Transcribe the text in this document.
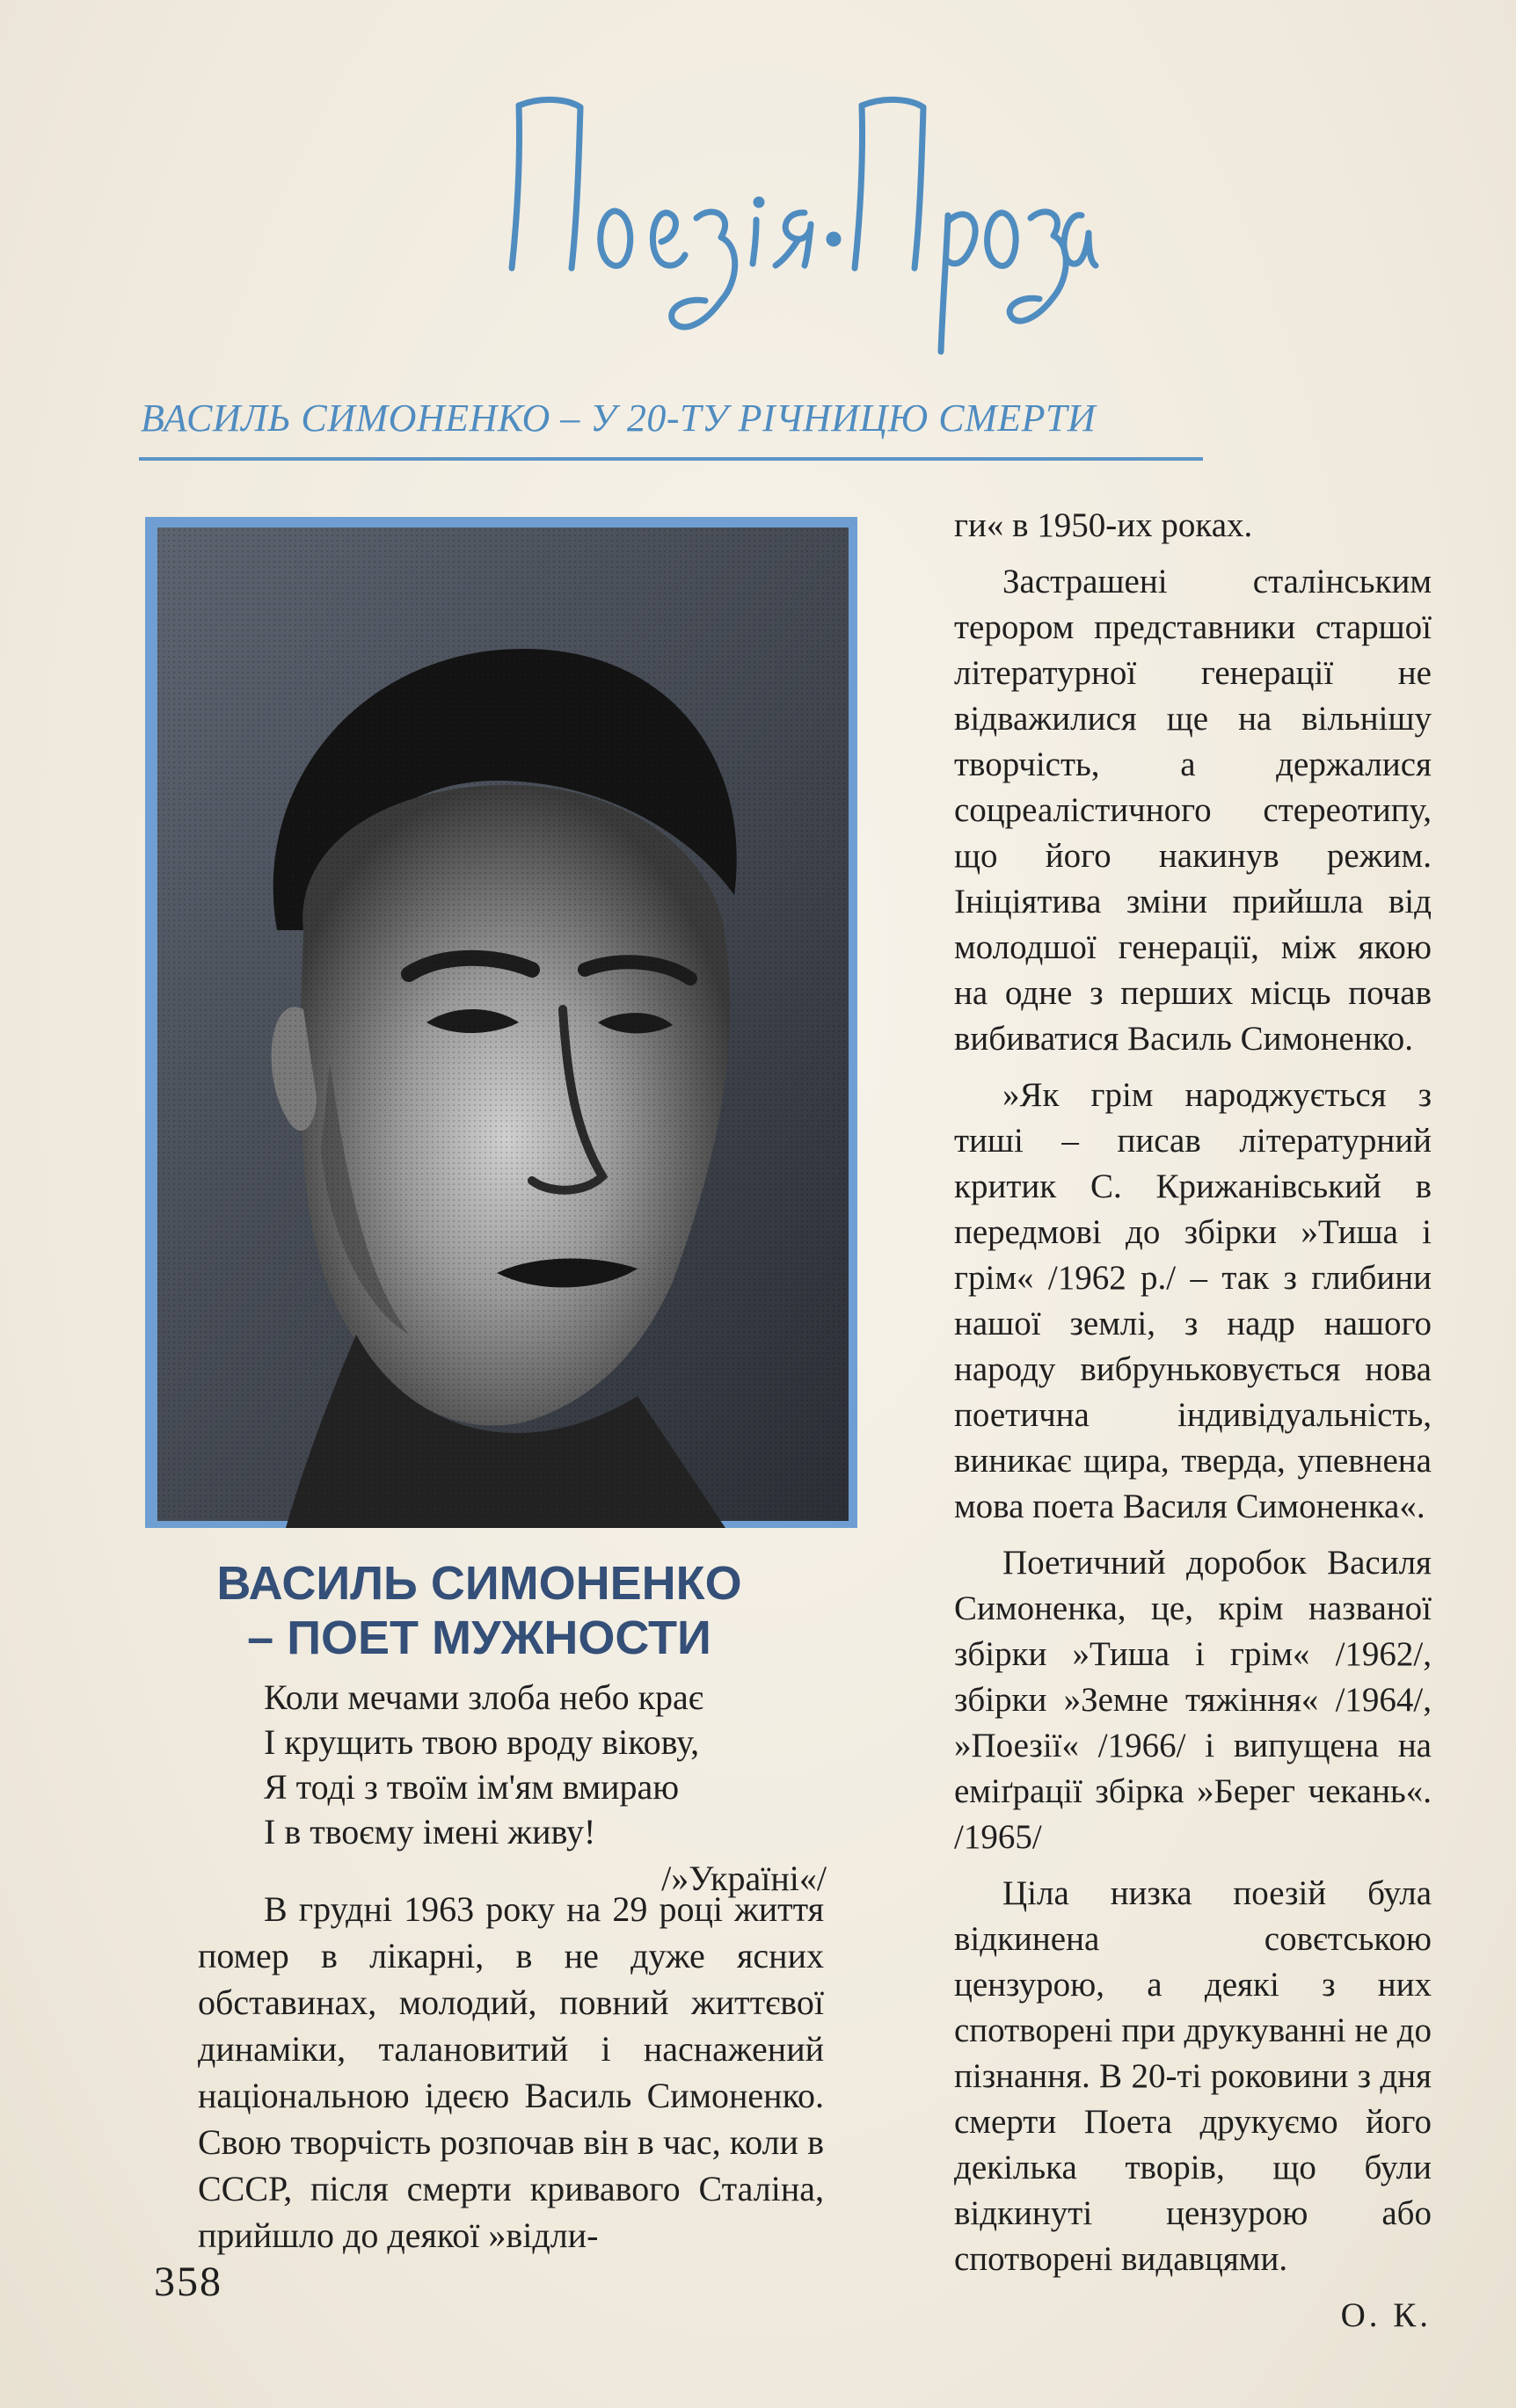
ВАСИЛЬ СИМОНЕНКО – У 20-ТУ РІЧНИЦЮ СМЕРТИ
ВАСИЛЬ СИМОНЕНКО
– ПОЕТ МУЖНОСТИ
Коли мечами злоба небо крає
І крущить твою вроду вікову,
Я тоді з твоїм ім'ям вмираю
І в твоєму імені живу!
/»Україні«/

В грудні 1963 року на 29 році життя помер в лікарні, в не дуже ясних обставинах, молодий, повний життєвої динаміки, талановитий і наснажений національною ідеєю Василь Симоненко. Свою творчість розпочав він в час, коли в СССР, після смерти кривавого Сталіна, прийшло до деякої »відли-

ги« в 1950-их роках.

Застрашені сталінським терором представники старшої літературної генерації не відважилися ще на вільнішу творчість, а держалися соцреалістичного стереотипу, що його накинув режим. Ініціятива зміни прийшла від молодшої генерації, між якою на одне з перших місць почав вибиватися Василь Симоненко.

»Як грім народжується з тиші – писав літературний критик С. Крижанівський в передмові до збірки »Тиша і грім« /1962 р./ – так з глибини нашої землі, з надр нашого народу вибруньковується нова поетична індивідуальність, виникає щира, тверда, упевнена мова поета Василя Симоненка«.

Поетичний доробок Василя Симоненка, це, крім названої збірки »Тиша і грім« /1962/, збірки »Земне тяжіння« /1964/, »Поезії« /1966/ і випущена на еміґрації збірка »Берег чекань«. /1965/

Ціла низка поезій була відкинена совєтською цензурою, а деякі з них спотворені при друкуванні не до пізнання. В 20-ті роковини з дня смерти Поета друкуємо його декілька творів, що були відкинуті цензурою або спотворені видавцями.

О. К.
358
